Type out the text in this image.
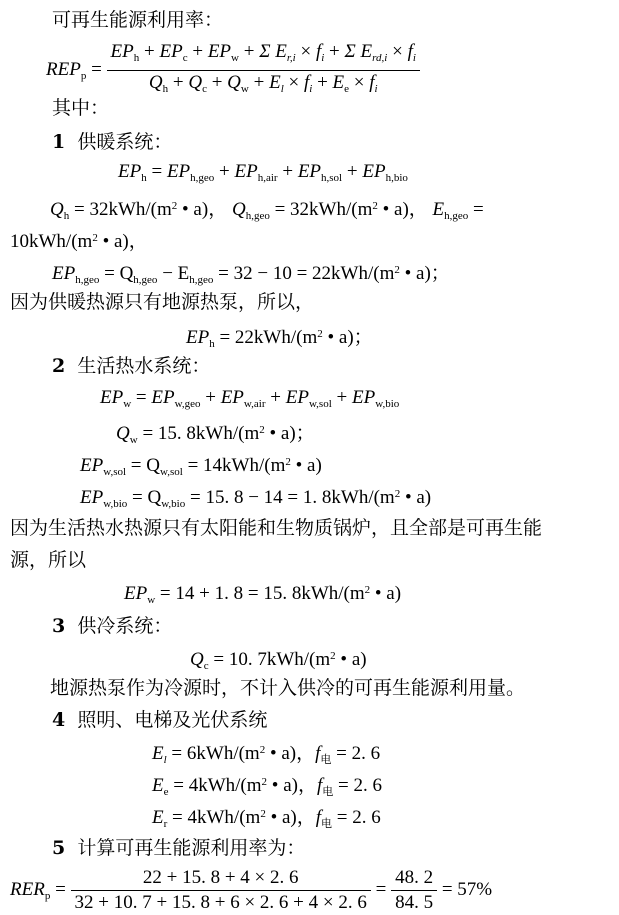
可再生能源利用率：
$REP_p$ =
$EP_h + EP_c + EP_w + \Sigma$ $E_{r,i} \times f_i + \Sigma$ $E_{rd,i} \times f_i$
$Q_h + Q_c + Q_w + E_l \times f_i + E_e \times f_i$
其中：
1 供暖系统：
$EP_h = EP_{h,geo} + EP_{h,air} + EP_{h,sol} + EP_{h,bio}$
$Q_h = 32kWh/(m^2$ • a)， $Q_{h,geo} = 32kWh/(m^2$ • a)， $E_{h,geo}$ =
$10kWh/(m^2$ • a)，
$EP_{h,geo} = Q_{h,geo} - E_{h,geo} = 32 - 10 = 22kWh/(m^2$ • a)；
因为供暖热源只有地源热泵，所以，
$EP_h = 22kWh/(m^2$ • a)；
2 生活热水系统：
$EP_w = EP_{w,geo} + EP_{w,air} + EP_{w,sol} + EP_{w,bio}$
$Q_w = 15$. $8kWh/(m^2$ • a)；
$EP_{w,sol} = Q_{w,sol} = 14kWh/(m^2$ • a)
$EP_{w,bio} = Q_{w,bio} = 15$. 8 − 14 = 1. $8kWh/(m^2$ • a)
因为生活热水热源只有太阳能和生物质锅炉，且全部是可再生能
源，所以
$EP_w = 14 + 1$. 8 = 15. $8kWh/(m^2$ • a)
3 供冷系统：
$Q_c = 10$. $7kWh/(m^2$ • a)
地源热泵作为冷源时，不计入供冷的可再生能源利用量。
4 照明、电梯及光伏系统
$E_l = 6kWh/(m^2$ • a)，$f_电 = 2$. 6
$E_e = 4kWh/(m^2$ • a)，$f_电 = 2$. 6
$E_r = 4kWh/(m^2$ • a)，$f_电 = 2$. 6
5 计算可再生能源利用率为：
$RER_p = \frac{22 + 15. 8 + 4 \times 2. 6}{32 + 10. 7 + 15. 8 + 6 \times 2. 6 + 4 \times 2. 6} = \frac{48. 2}{84. 5} = 57\%$
